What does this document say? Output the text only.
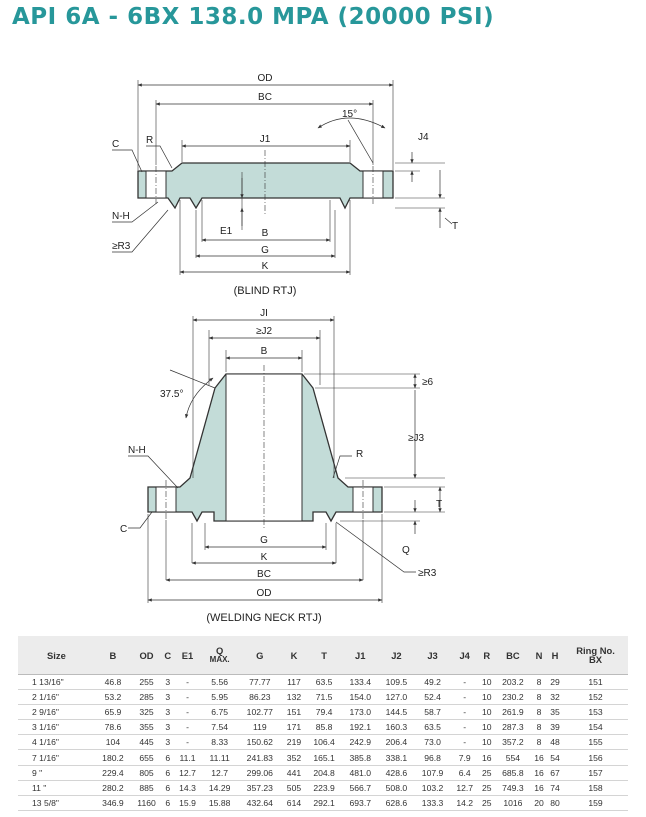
API 6A - 6BX 138.0 MPA (20000 PSI)
OD
BC
15°
J1	J4
C	R
N-H
≥R3
E1	B
G
K
T
(BLIND RTJ)
JI
≥J2
B
37.5°
≥6
≥J3
N-H	R
T
C
G
Q
K
≥R3
BC
OD
(WELDING NECK RTJ)
Size	B	OD	C	E1	Q
MAX.	G	K	T	J1	J2	J3	J4	R	BC	N	H	Ring No.
BX

1 13/16"	46.8	255	3	-	5.56	77.77	117	63.5	133.4	109.5	49.2	-	10	203.2	8	29	151
2 1/16"	53.2	285	3	-	5.95	86.23	132	71.5	154.0	127.0	52.4	-	10	230.2	8	32	152
2 9/16"	65.9	325	3	-	6.75	102.77	151	79.4	173.0	144.5	58.7	-	10	261.9	8	35	153
3 1/16"	78.6	355	3	-	7.54	119	171	85.8	192.1	160.3	63.5	-	10	287.3	8	39	154
4 1/16"	104	445	3	-	8.33	150.62	219	106.4	242.9	206.4	73.0	-	10	357.2	8	48	155
7 1/16"	180.2	655	6	11.1	11.11	241.83	352	165.1	385.8	338.1	96.8	7.9	16	554	16	54	156
9 "	229.4	805	6	12.7	12.7	299.06	441	204.8	481.0	428.6	107.9	6.4	25	685.8	16	67	157
11 "	280.2	885	6	14.3	14.29	357.23	505	223.9	566.7	508.0	103.2	12.7	25	749.3	16	74	158
13 5/8"	346.9	1160	6	15.9	15.88	432.64	614	292.1	693.7	628.6	133.3	14.2	25	1016	20	80	159
